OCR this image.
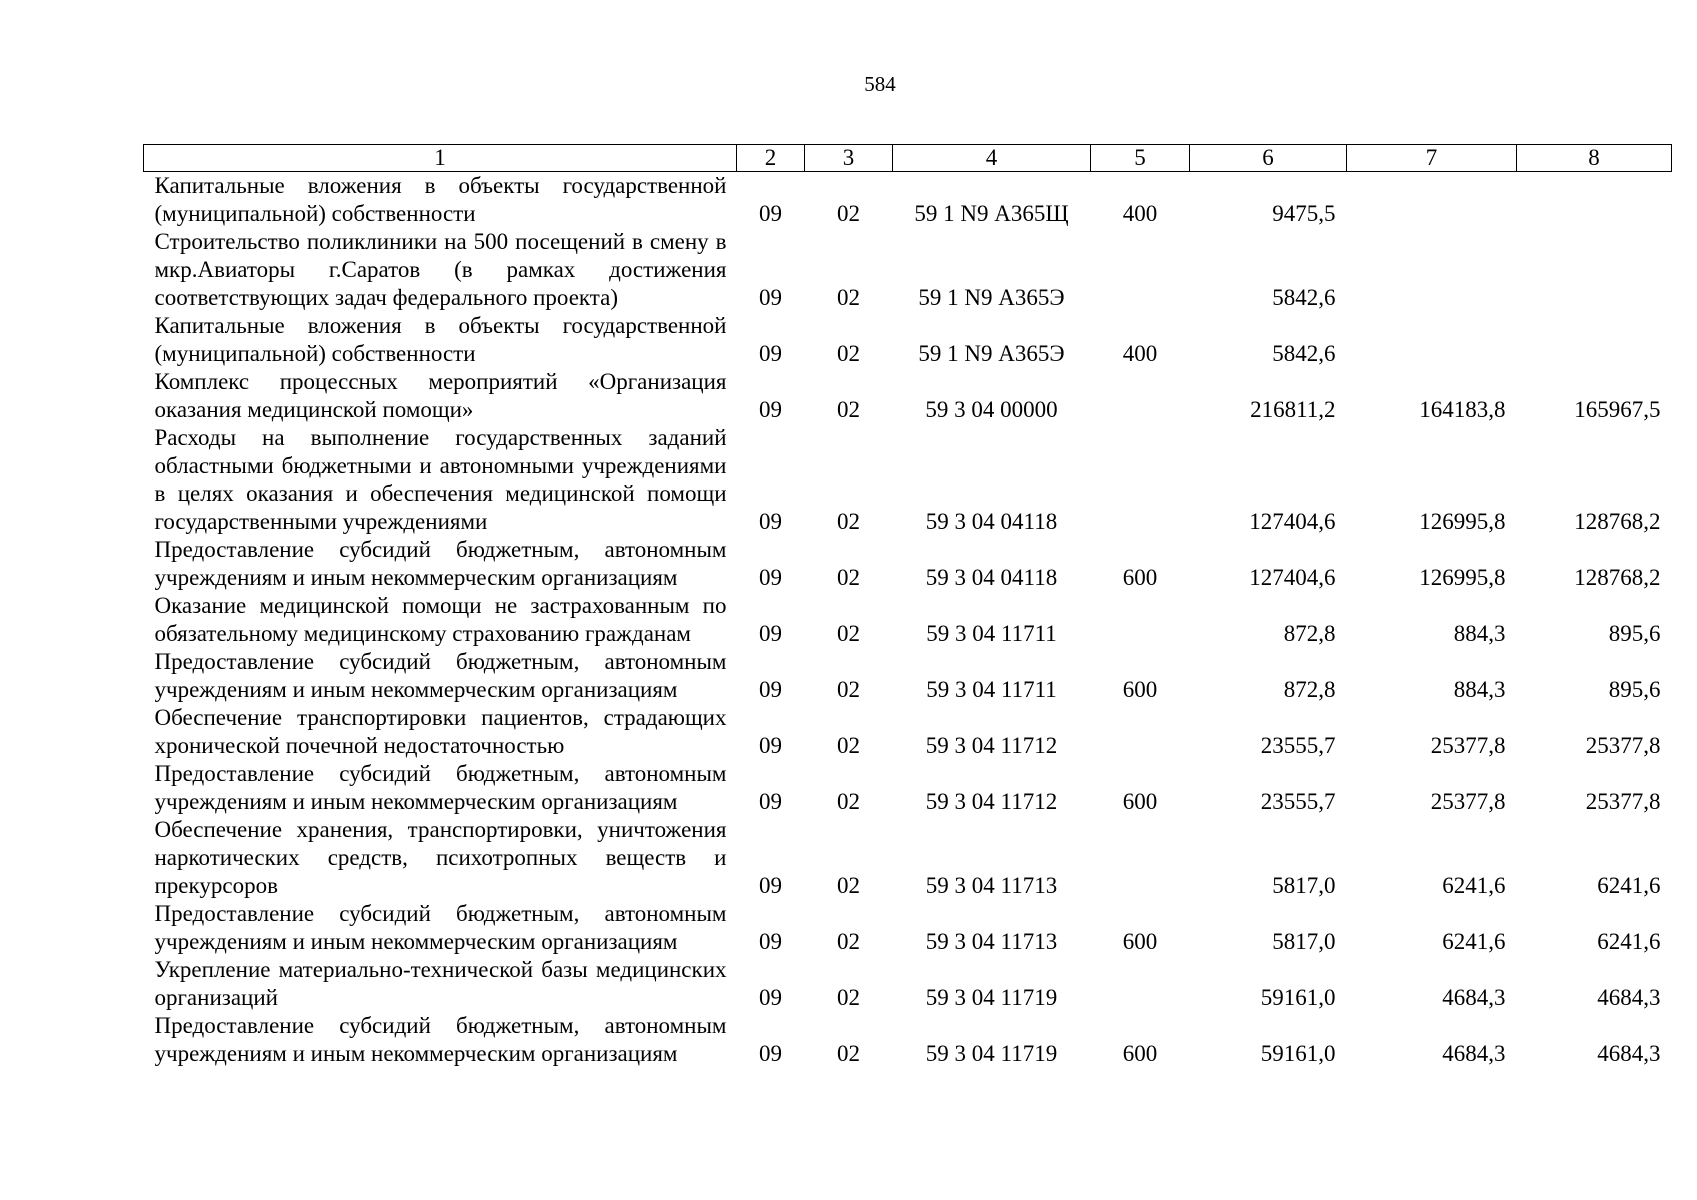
584
1	2	3	4	5	6	7	8
Капитальные вложения в объекты государственной (муниципальной) собственности	09	02	59 1 N9 А365Щ	400	9475,5		
Строительство поликлиники на 500 посещений в смену в мкр.Авиаторы г.Саратов (в рамках достижения соответствующих задач федерального проекта)	09	02	59 1 N9 А365Э		5842,6		
Капитальные вложения в объекты государственной (муниципальной) собственности	09	02	59 1 N9 А365Э	400	5842,6		
Комплекс процессных мероприятий «Организация оказания медицинской помощи»	09	02	59 3 04 00000		216811,2	164183,8	165967,5
Расходы на выполнение государственных заданий областными бюджетными и автономными учреждениями в целях оказания и обеспечения медицинской помощи государственными учреждениями	09	02	59 3 04 04118		127404,6	126995,8	128768,2
Предоставление субсидий бюджетным, автономным учреждениям и иным некоммерческим организациям	09	02	59 3 04 04118	600	127404,6	126995,8	128768,2
Оказание медицинской помощи не застрахованным по обязательному медицинскому страхованию гражданам	09	02	59 3 04 11711		872,8	884,3	895,6
Предоставление субсидий бюджетным, автономным учреждениям и иным некоммерческим организациям	09	02	59 3 04 11711	600	872,8	884,3	895,6
Обеспечение транспортировки пациентов, страдающих хронической почечной недостаточностью	09	02	59 3 04 11712		23555,7	25377,8	25377,8
Предоставление субсидий бюджетным, автономным учреждениям и иным некоммерческим организациям	09	02	59 3 04 11712	600	23555,7	25377,8	25377,8
Обеспечение хранения, транспортировки, уничтожения наркотических средств, психотропных веществ и прекурсоров	09	02	59 3 04 11713		5817,0	6241,6	6241,6
Предоставление субсидий бюджетным, автономным учреждениям и иным некоммерческим организациям	09	02	59 3 04 11713	600	5817,0	6241,6	6241,6
Укрепление материально-технической базы медицинских организаций	09	02	59 3 04 11719		59161,0	4684,3	4684,3
Предоставление субсидий бюджетным, автономным учреждениям и иным некоммерческим организациям	09	02	59 3 04 11719	600	59161,0	4684,3	4684,3
